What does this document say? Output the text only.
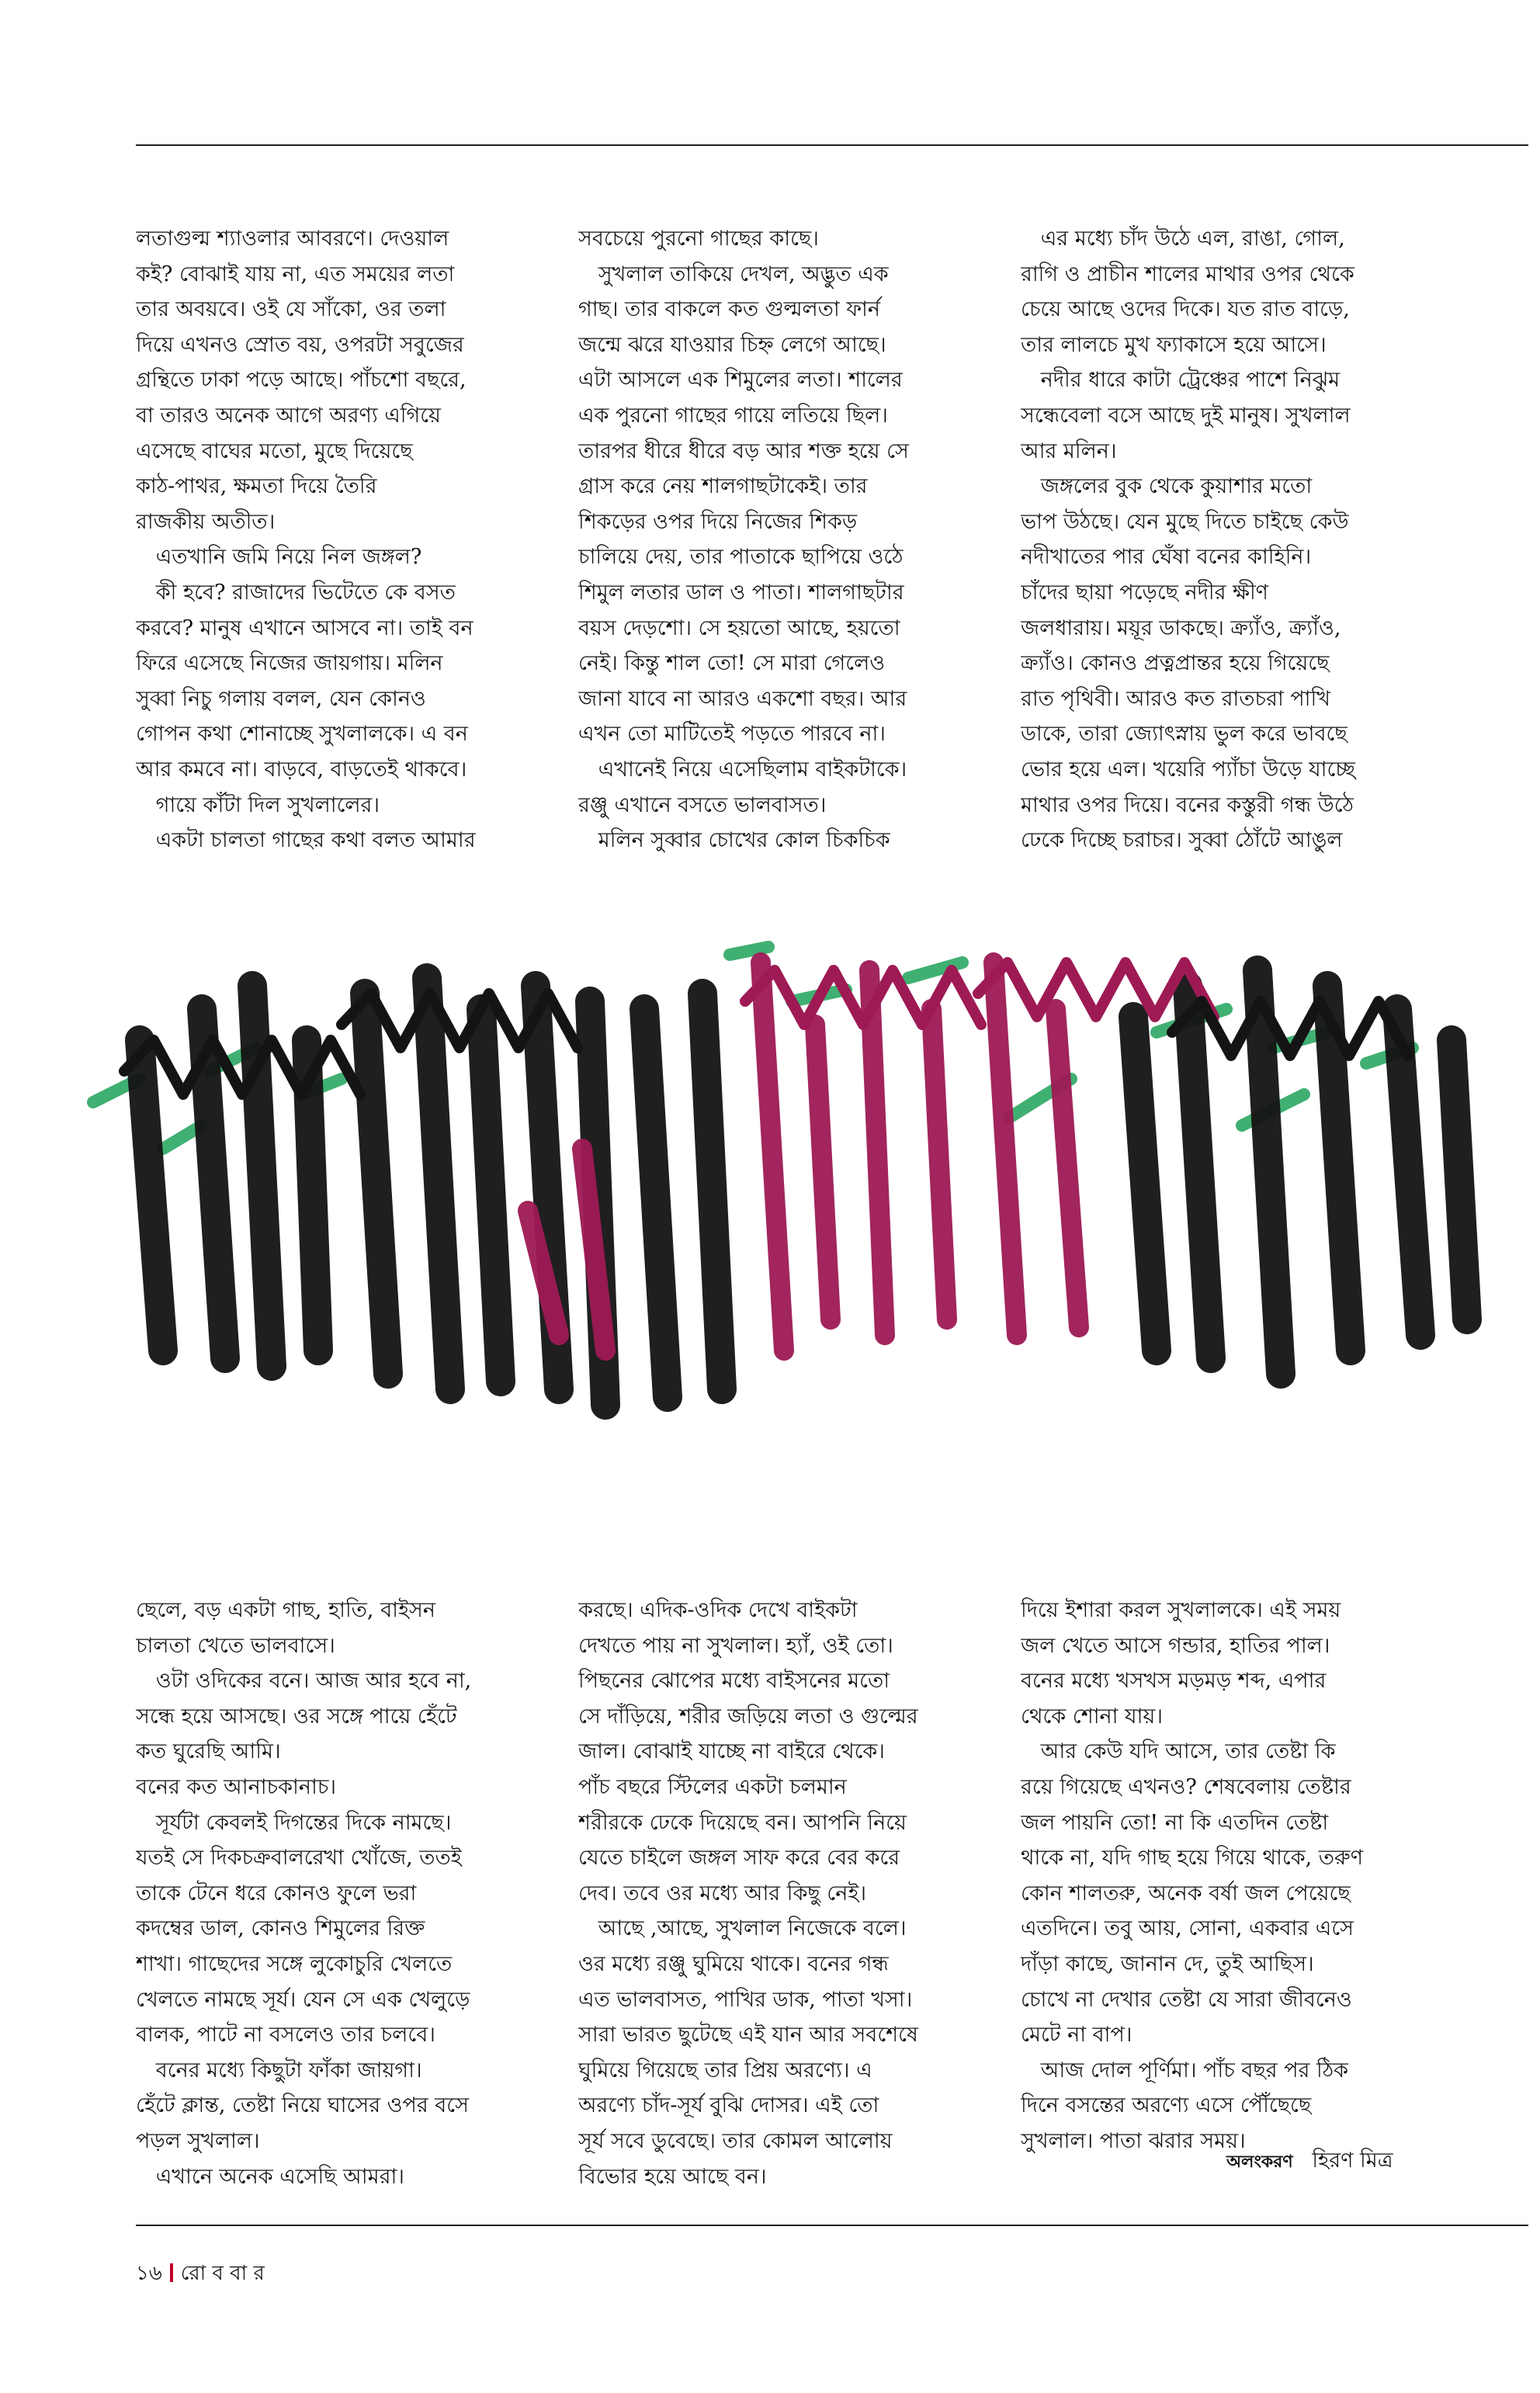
লতাগুল্ম শ্যাওলার আবরণে। দেওয়াল
কই? বোঝাই যায় না, এত সময়ের লতা
তার অবয়বে। ওই যে সাঁকো, ওর তলা
দিয়ে এখনও স্রোত বয়, ওপরটা সবুজের
গ্রন্থিতে ঢাকা পড়ে আছে। পাঁচশো বছরে,
বা তারও অনেক আগে অরণ্য এগিয়ে
এসেছে বাঘের মতো, মুছে দিয়েছে
কাঠ-পাথর, ক্ষমতা দিয়ে তৈরি
রাজকীয় অতীত।
এতখানি জমি নিয়ে নিল জঙ্গল?
কী হবে? রাজাদের ভিটেতে কে বসত
করবে? মানুষ এখানে আসবে না। তাই বন
ফিরে এসেছে নিজের জায়গায়। মলিন
সুব্বা নিচু গলায় বলল, যেন কোনও
গোপন কথা শোনাচ্ছে সুখলালকে। এ বন
আর কমবে না। বাড়বে, বাড়তেই থাকবে।
গায়ে কাঁটা দিল সুখলালের।
একটা চালতা গাছের কথা বলত আমার
সবচেয়ে পুরনো গাছের কাছে।
সুখলাল তাকিয়ে দেখল, অদ্ভুত এক
গাছ। তার বাকলে কত গুল্মলতা ফার্ন
জন্মে ঝরে যাওয়ার চিহ্ন লেগে আছে।
এটা আসলে এক শিমুলের লতা। শালের
এক পুরনো গাছের গায়ে লতিয়ে ছিল।
তারপর ধীরে ধীরে বড় আর শক্ত হয়ে সে
গ্রাস করে নেয় শালগাছটাকেই। তার
শিকড়ের ওপর দিয়ে নিজের শিকড়
চালিয়ে দেয়, তার পাতাকে ছাপিয়ে ওঠে
শিমুল লতার ডাল ও পাতা। শালগাছটার
বয়স দেড়শো। সে হয়তো আছে, হয়তো
নেই। কিন্তু শাল তো! সে মারা গেলেও
জানা যাবে না আরও একশো বছর। আর
এখন তো মাটিতেই পড়তে পারবে না।
এখানেই নিয়ে এসেছিলাম বাইকটাকে।
রঞ্জু এখানে বসতে ভালবাসত।
মলিন সুব্বার চোখের কোল চিকচিক
এর মধ্যে চাঁদ উঠে এল, রাঙা, গোল,
রাগি ও প্রাচীন শালের মাথার ওপর থেকে
চেয়ে আছে ওদের দিকে। যত রাত বাড়ে,
তার লালচে মুখ ফ্যাকাসে হয়ে আসে।
নদীর ধারে কাটা ট্রেঞ্চের পাশে নিঝুম
সন্ধেবেলা বসে আছে দুই মানুষ। সুখলাল
আর মলিন।
জঙ্গলের বুক থেকে কুয়াশার মতো
ভাপ উঠছে। যেন মুছে দিতে চাইছে কেউ
নদীখাতের পার ঘেঁষা বনের কাহিনি।
চাঁদের ছায়া পড়েছে নদীর ক্ষীণ
জলধারায়। ময়ূর ডাকছে। ক্র্যাঁও, ক্র্যাঁও,
ক্র্যাঁও। কোনও প্রত্নপ্রান্তর হয়ে গিয়েছে
রাত পৃথিবী। আরও কত রাতচরা পাখি
ডাকে, তারা জ্যোৎস্নায় ভুল করে ভাবছে
ভোর হয়ে এল। খয়েরি প্যাঁচা উড়ে যাচ্ছে
মাথার ওপর দিয়ে। বনের কস্তুরী গন্ধ উঠে
ঢেকে দিচ্ছে চরাচর। সুব্বা ঠোঁটে আঙুল
ছেলে, বড় একটা গাছ, হাতি, বাইসন
চালতা খেতে ভালবাসে।
ওটা ওদিকের বনে। আজ আর হবে না,
সন্ধে হয়ে আসছে। ওর সঙ্গে পায়ে হেঁটে
কত ঘুরেছি আমি।
বনের কত আনাচকানাচ।
সূর্যটা কেবলই দিগন্তের দিকে নামছে।
যতই সে দিকচক্রবালরেখা খোঁজে, ততই
তাকে টেনে ধরে কোনও ফুলে ভরা
কদম্বের ডাল, কোনও শিমুলের রিক্ত
শাখা। গাছেদের সঙ্গে লুকোচুরি খেলতে
খেলতে নামছে সূর্য। যেন সে এক খেলুড়ে
বালক, পাটে না বসলেও তার চলবে।
বনের মধ্যে কিছুটা ফাঁকা জায়গা।
হেঁটে ক্লান্ত, তেষ্টা নিয়ে ঘাসের ওপর বসে
পড়ল সুখলাল।
এখানে অনেক এসেছি আমরা।
করছে। এদিক-ওদিক দেখে বাইকটা
দেখতে পায় না সুখলাল। হ্যাঁ, ওই তো।
পিছনের ঝোপের মধ্যে বাইসনের মতো
সে দাঁড়িয়ে, শরীর জড়িয়ে লতা ও গুল্মের
জাল। বোঝাই যাচ্ছে না বাইরে থেকে।
পাঁচ বছরে স্টিলের একটা চলমান
শরীরকে ঢেকে দিয়েছে বন। আপনি নিয়ে
যেতে চাইলে জঙ্গল সাফ করে বের করে
দেব। তবে ওর মধ্যে আর কিছু নেই।
আছে ,আছে, সুখলাল নিজেকে বলে।
ওর মধ্যে রঞ্জু ঘুমিয়ে থাকে। বনের গন্ধ
এত ভালবাসত, পাখির ডাক, পাতা খসা।
সারা ভারত ছুটেছে এই যান আর সবশেষে
ঘুমিয়ে গিয়েছে তার প্রিয় অরণ্যে। এ
অরণ্যে চাঁদ-সূর্য বুঝি দোসর। এই তো
সূর্য সবে ডুবেছে। তার কোমল আলোয়
বিভোর হয়ে আছে বন।
দিয়ে ইশারা করল সুখলালকে। এই সময়
জল খেতে আসে গন্ডার, হাতির পাল।
বনের মধ্যে খসখস মড়মড় শব্দ, এপার
থেকে শোনা যায়।
আর কেউ যদি আসে, তার তেষ্টা কি
রয়ে গিয়েছে এখনও? শেষবেলায় তেষ্টার
জল পায়নি তো! না কি এতদিন তেষ্টা
থাকে না, যদি গাছ হয়ে গিয়ে থাকে, তরুণ
কোন শালতরু, অনেক বর্ষা জল পেয়েছে
এতদিনে। তবু আয়, সোনা, একবার এসে
দাঁড়া কাছে, জানান দে, তুই আছিস।
চোখে না দেখার তেষ্টা যে সারা জীবনেও
মেটে না বাপ।
আজ দোল পূর্ণিমা। পাঁচ বছর পর ঠিক
দিনে বসন্তের অরণ্যে এসে পৌঁছেছে
সুখলাল। পাতা ঝরার সময়।
অলংকরণ হিরণ মিত্র
১৬ রো ব বা র
